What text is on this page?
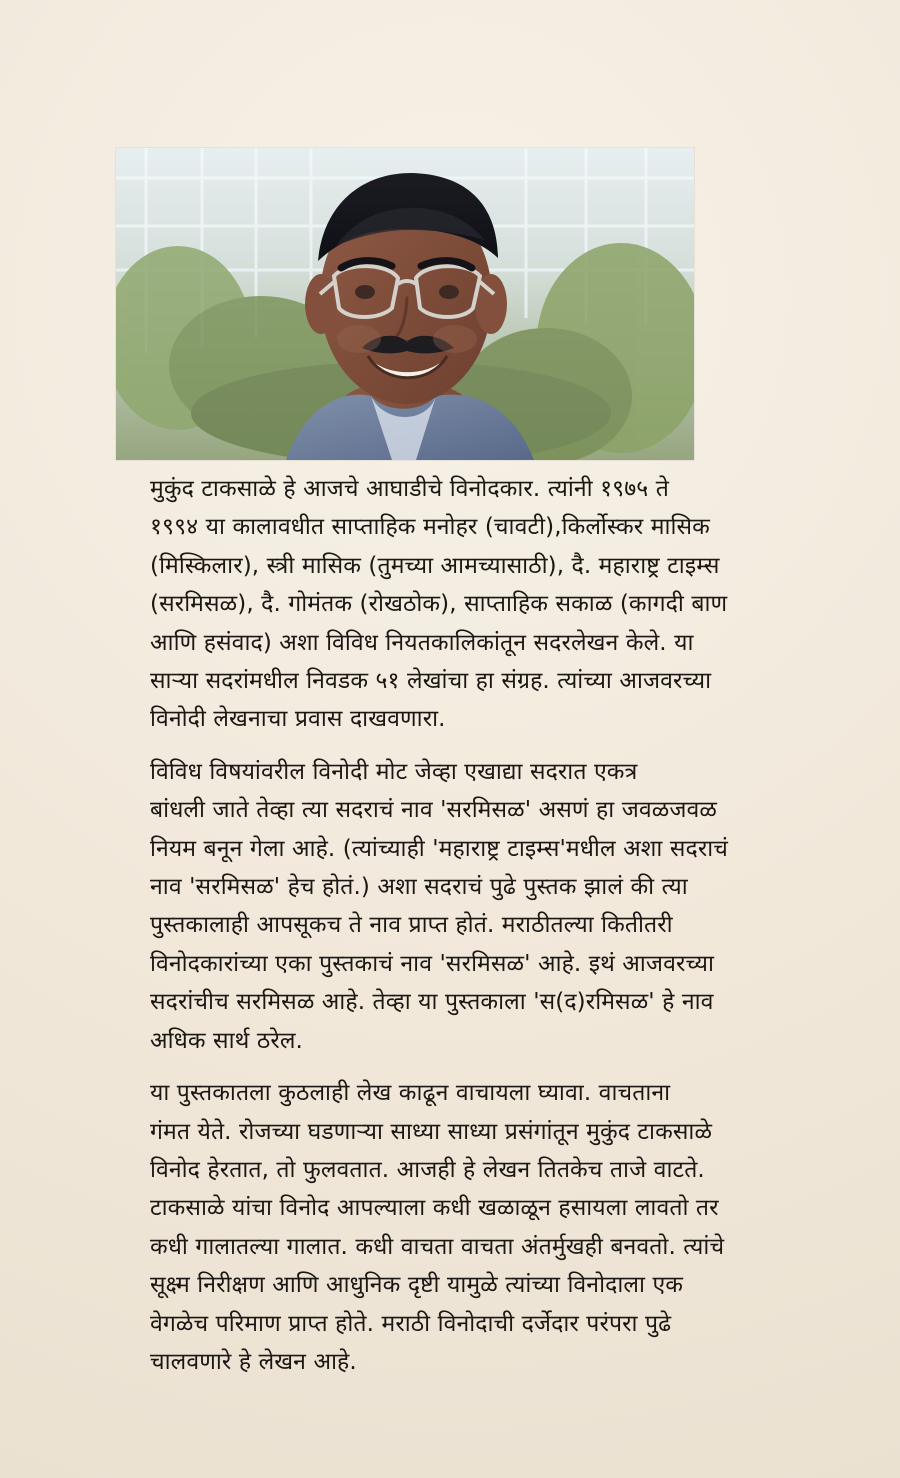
मुकुंद टाकसाळे हे आजचे आघाडीचे विनोदकार. त्यांनी १९७५ ते
१९९४ या कालावधीत साप्ताहिक मनोहर (चावटी),किर्लोस्कर मासिक
(मिस्किलार), स्त्री मासिक (तुमच्या आमच्यासाठी), दै. महाराष्ट्र टाइम्स
(सरमिसळ), दै. गोमंतक (रोखठोक), साप्ताहिक सकाळ (कागदी बाण
आणि हसंवाद) अशा विविध नियतकालिकांतून सदरलेखन केले. या
साऱ्या सदरांमधील निवडक ५१ लेखांचा हा संग्रह. त्यांच्या आजवरच्या
विनोदी लेखनाचा प्रवास दाखवणारा.

विविध विषयांवरील विनोदी मोट जेव्हा एखाद्या सदरात एकत्र
बांधली जाते तेव्हा त्या सदराचं नाव 'सरमिसळ' असणं हा जवळजवळ
नियम बनून गेला आहे. (त्यांच्याही 'महाराष्ट्र टाइम्स'मधील अशा सदराचं
नाव 'सरमिसळ' हेच होतं.) अशा सदराचं पुढे पुस्तक झालं की त्या
पुस्तकालाही आपसूकच ते नाव प्राप्त होतं. मराठीतल्या कितीतरी
विनोदकारांच्या एका पुस्तकाचं नाव 'सरमिसळ' आहे. इथं आजवरच्या
सदरांचीच सरमिसळ आहे. तेव्हा या पुस्तकाला 'स(द)रमिसळ' हे नाव
अधिक सार्थ ठरेल.

या पुस्तकातला कुठलाही लेख काढून वाचायला घ्यावा. वाचताना
गंमत येते. रोजच्या घडणाऱ्या साध्या साध्या प्रसंगांतून मुकुंद टाकसाळे
विनोद हेरतात, तो फुलवतात. आजही हे लेखन तितकेच ताजे वाटते.
टाकसाळे यांचा विनोद आपल्याला कधी खळाळून हसायला लावतो तर
कधी गालातल्या गालात. कधी वाचता वाचता अंतर्मुखही बनवतो. त्यांचे
सूक्ष्म निरीक्षण आणि आधुनिक दृष्टी यामुळे त्यांच्या विनोदाला एक
वेगळेच परिमाण प्राप्त होते. मराठी विनोदाची दर्जेदार परंपरा पुढे
चालवणारे हे लेखन आहे.
